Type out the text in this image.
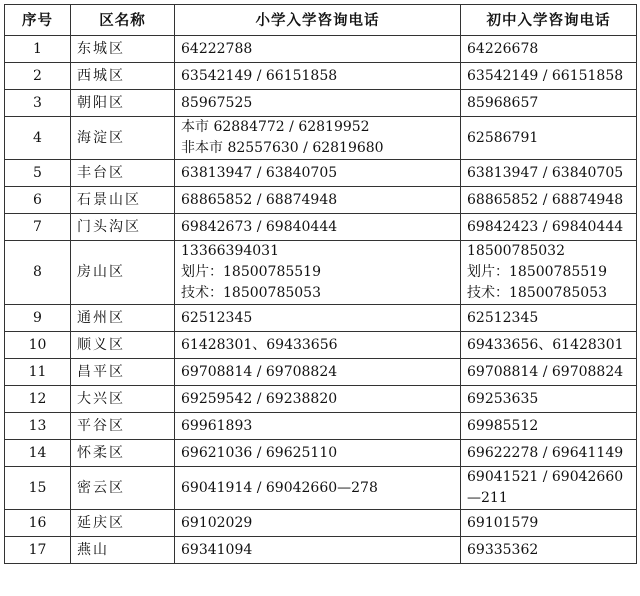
序号	区名称	小学入学咨询电话	初中入学咨询电话
1	东城区	64222788	64226678

2	西城区	63542149 / 66151858	63542149 / 66151858

3	朝阳区	85967525	85968657

4	海淀区	本市 62884772 / 62819952
非本市 82557630 / 62819680	62586791

5	丰台区	63813947 / 63840705	63813947 / 63840705

6	石景山区	68865852 / 68874948	68865852 / 68874948

7	门头沟区	69842673 / 69840444	69842423 / 69840444

8	房山区	13366394031
划片：18500785519
技术：18500785053	18500785032
划片：18500785519
技术：18500785053

9	通州区	62512345	62512345

10	顺义区	61428301、69433656	69433656、61428301

11	昌平区	69708814 / 69708824	69708814 / 69708824

12	大兴区	69259542 / 69238820	69253635

13	平谷区	69961893	69985512

14	怀柔区	69621036 / 69625110	69622278 / 69641149

15	密云区	69041914 / 69042660—278	69041521 / 69042660
—211

16	延庆区	69102029	69101579

17	燕山	69341094	69335362
